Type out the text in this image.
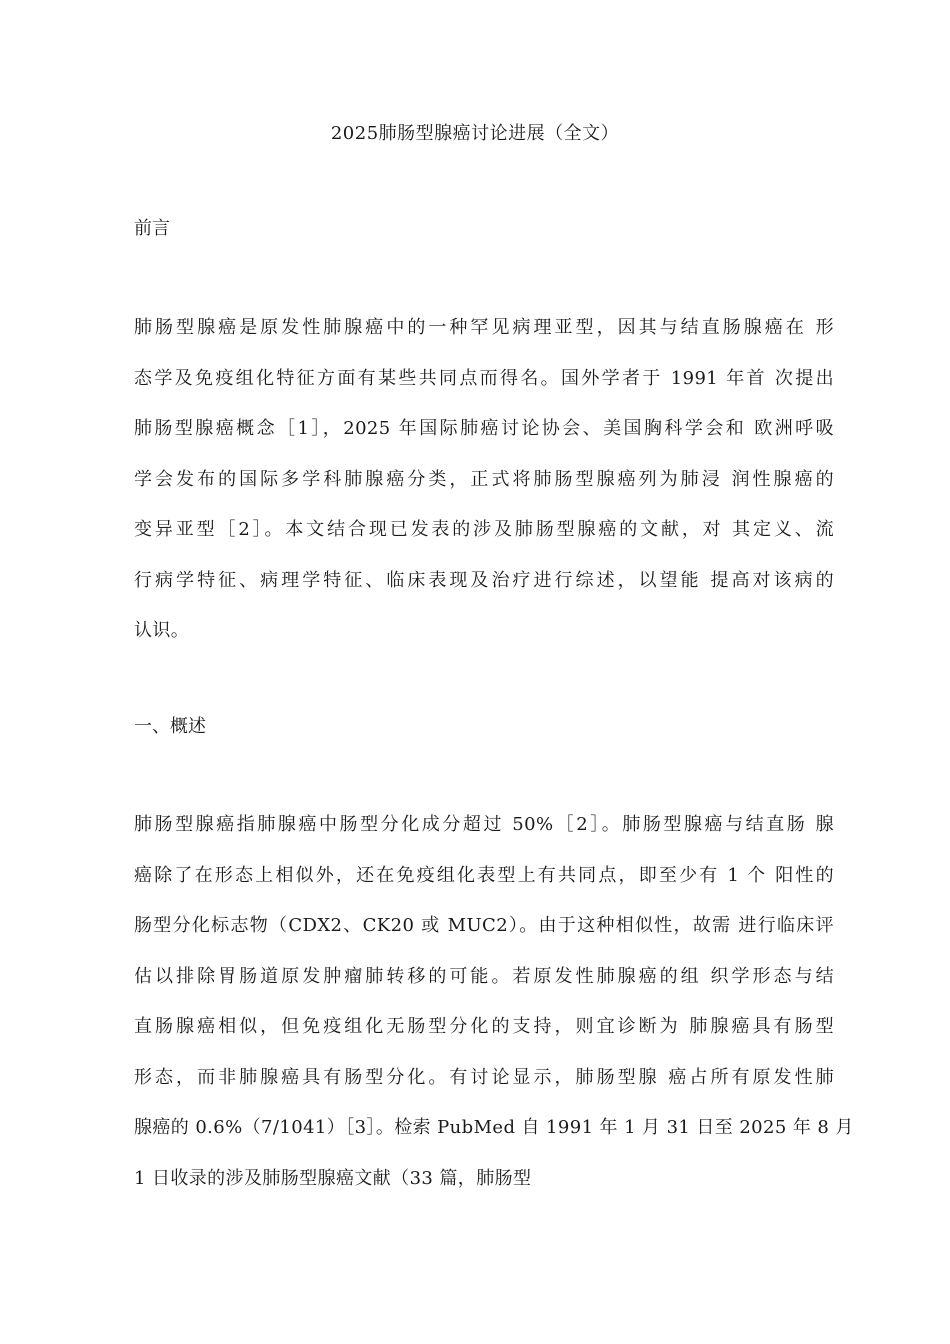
2025肺肠型腺癌讨论进展（全文）
前言
肺肠型腺癌是原发性肺腺癌中的一种罕见病理亚型，因其与结直肠腺癌在 形
态学及免疫组化特征方面有某些共同点而得名。国外学者于 1991 年首 次提出
肺肠型腺癌概念［1］，2025 年国际肺癌讨论协会、美国胸科学会和 欧洲呼吸
学会发布的国际多学科肺腺癌分类，正式将肺肠型腺癌列为肺浸 润性腺癌的
变异亚型［2］。本文结合现已发表的涉及肺肠型腺癌的文献，对 其定义、流
行病学特征、病理学特征、临床表现及治疗进行综述，以望能 提高对该病的
认识。
一、概述
肺肠型腺癌指肺腺癌中肠型分化成分超过 50%［2］。肺肠型腺癌与结直肠 腺
癌除了在形态上相似外，还在免疫组化表型上有共同点，即至少有 1 个 阳性的
肠型分化标志物（CDX2、CK20 或 MUC2）。由于这种相似性，故需 进行临床评
估以排除胃肠道原发肿瘤肺转移的可能。若原发性肺腺癌的组 织学形态与结
直肠腺癌相似，但免疫组化无肠型分化的支持，则宜诊断为 肺腺癌具有肠型
形态，而非肺腺癌具有肠型分化。有讨论显示，肺肠型腺 癌占所有原发性肺
腺癌的 0.6%（7/1041）［3］。检索 PubMed 自 1991 年 1 月 31 日至 2025 年 8 月
1 日收录的涉及肺肠型腺癌文献（33 篇，肺肠型
